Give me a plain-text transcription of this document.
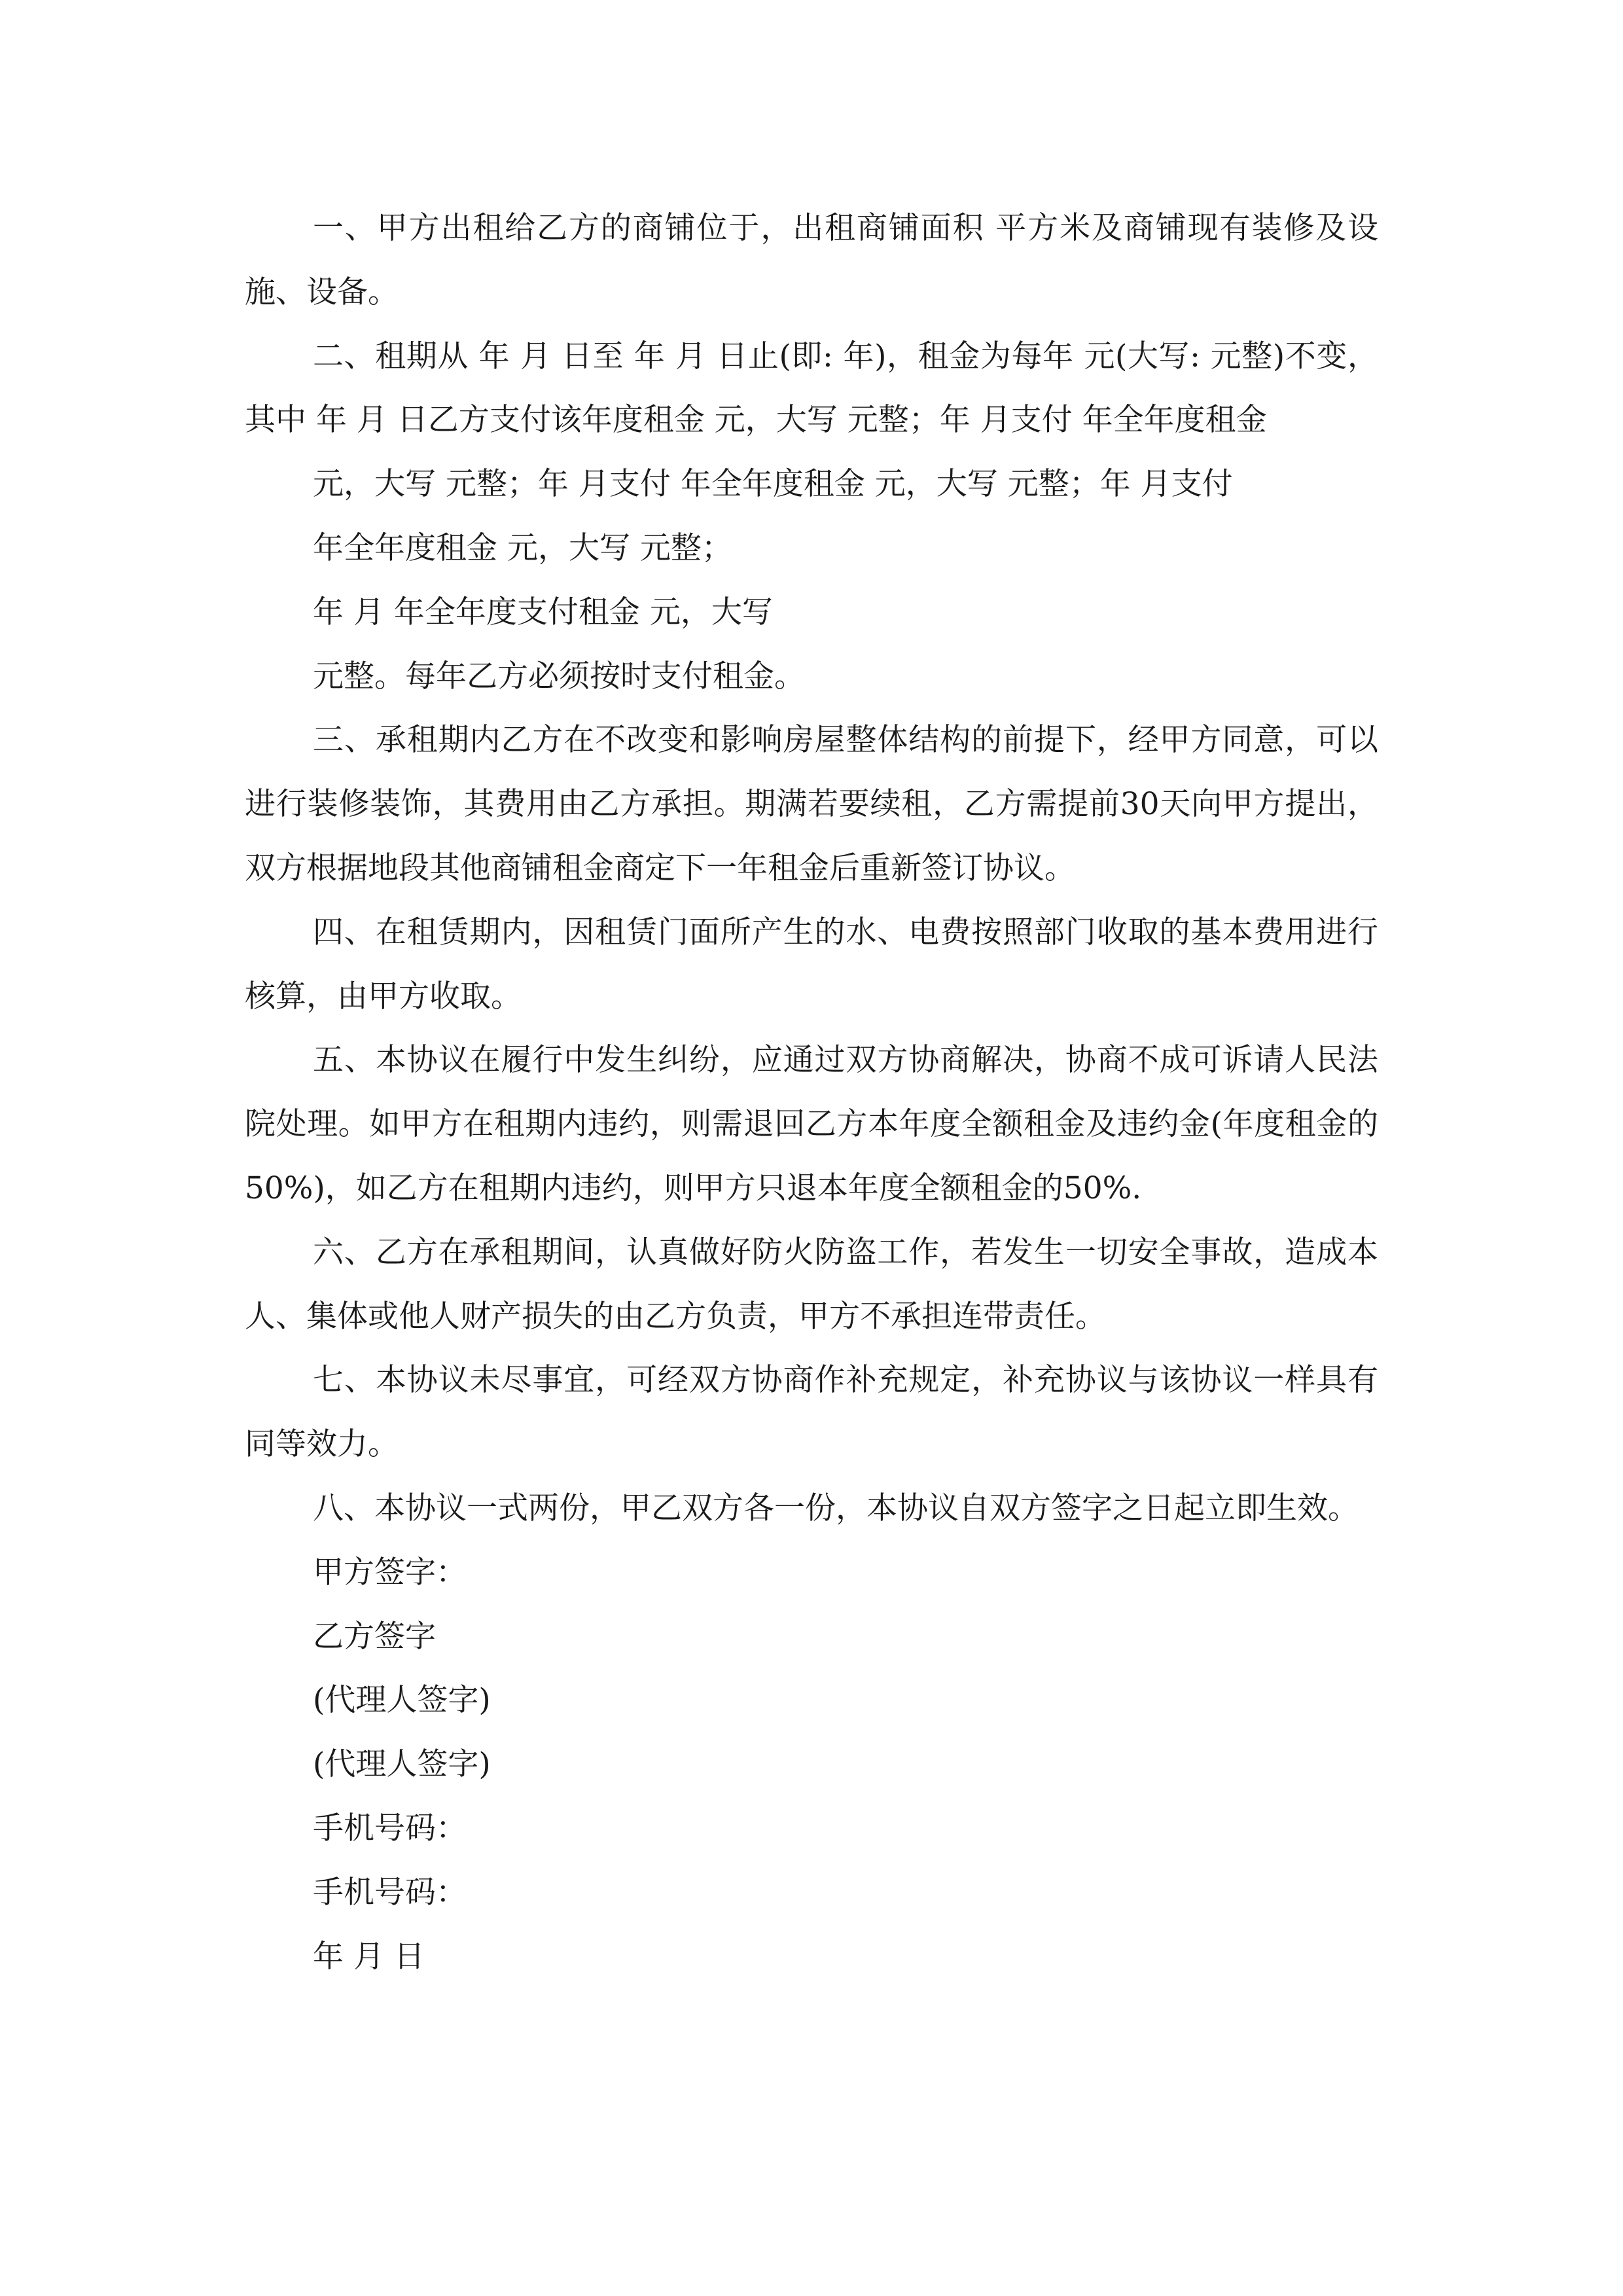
一、甲方出租给乙方的商铺位于，出租商铺面积 平方米及商铺现有装修及设施、设备。

二、租期从 年 月 日至 年 月 日止(即: 年)，租金为每年 元(大写: 元整)不变，其中 年 月 日乙方支付该年度租金 元，大写 元整；年 月支付 年全年度租金

元，大写 元整；年 月支付 年全年度租金 元，大写 元整；年 月支付

年全年度租金 元，大写 元整；

年 月 年全年度支付租金 元，大写

元整。每年乙方必须按时支付租金。

三、承租期内乙方在不改变和影响房屋整体结构的前提下，经甲方同意，可以进行装修装饰，其费用由乙方承担。期满若要续租，乙方需提前30天向甲方提出，双方根据地段其他商铺租金商定下一年租金后重新签订协议。

四、在租赁期内，因租赁门面所产生的水、电费按照部门收取的基本费用进行核算，由甲方收取。

五、本协议在履行中发生纠纷，应通过双方协商解决，协商不成可诉请人民法院处理。如甲方在租期内违约，则需退回乙方本年度全额租金及违约金(年度租金的50%)，如乙方在租期内违约，则甲方只退本年度全额租金的50%.

六、乙方在承租期间，认真做好防火防盗工作，若发生一切安全事故，造成本人、集体或他人财产损失的由乙方负责，甲方不承担连带责任。

七、本协议未尽事宜，可经双方协商作补充规定，补充协议与该协议一样具有同等效力。

八、本协议一式两份，甲乙双方各一份，本协议自双方签字之日起立即生效。

甲方签字：

乙方签字

(代理人签字)

(代理人签字)

手机号码：

手机号码：

年 月 日
